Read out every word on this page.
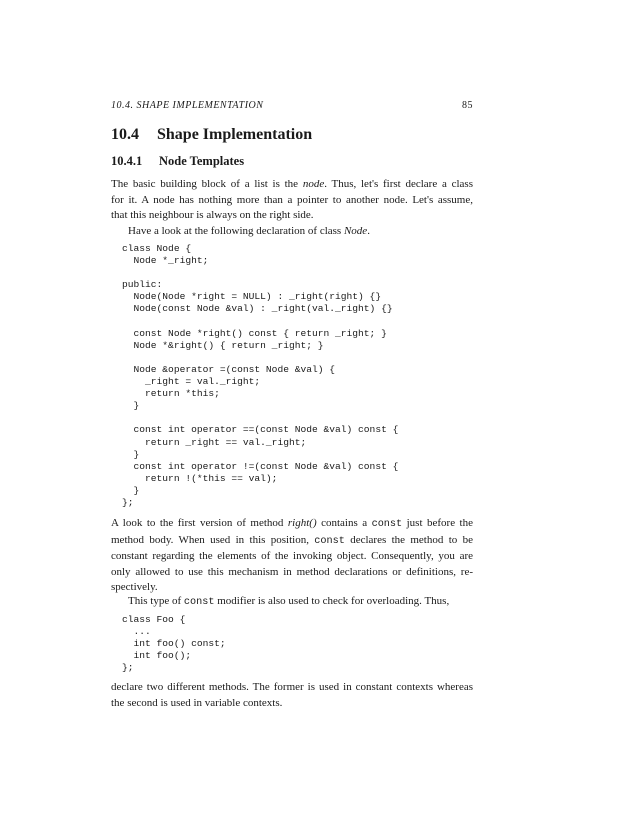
10.4. SHAPE IMPLEMENTATION	85
10.4 Shape Implementation
10.4.1 Node Templates

The basic building block of a list is the node. Thus, let's first declare a class
for it. A node has nothing more than a pointer to another node. Let's assume,
that this neighbour is always on the right side.

Have a look at the following declaration of class Node.

class Node {
Node *_right;
public:
Node(Node *right = NULL) : _right(right) {}
Node(const Node &val) : _right(val._right) {}
const Node *right() const { return _right; }
Node *&right() { return _right; }
Node &operator =(const Node &val) {
_right = val._right;
return *this;
}
const int operator ==(const Node &val) const {
return _right == val._right;
}
const int operator !=(const Node &val) const {
return !(*this == val);
}
};

A look to the first version of method right() contains a const just before the
method body. When used in this position, const declares the method to be
constant regarding the elements of the invoking object. Consequently, you are
only allowed to use this mechanism in method declarations or definitions, re-
spectively.

This type of const modifier is also used to check for overloading. Thus,

class Foo {
...
int foo() const;
int foo();
};

declare two different methods. The former is used in constant contexts whereas
the second is used in variable contexts.
